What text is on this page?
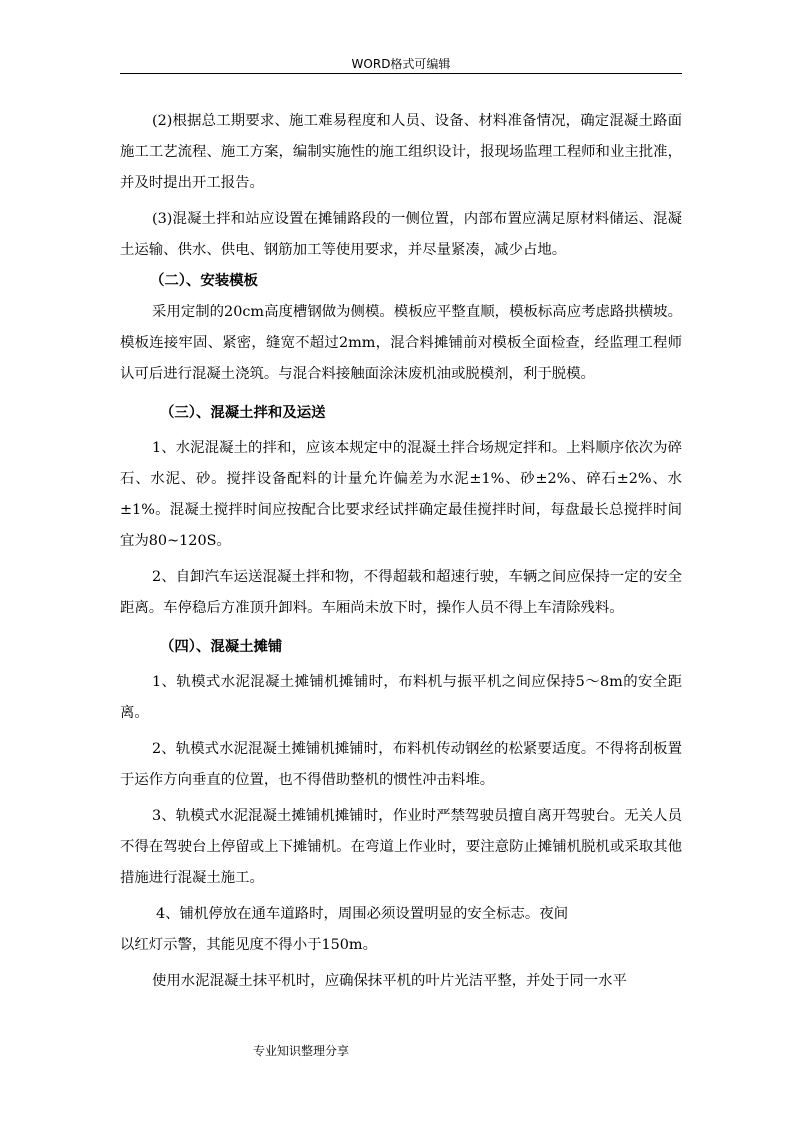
WORD格式可编辑

(2)根据总工期要求、施工难易程度和人员、设备、材料准备情况，确定混凝土路面施工工艺流程、施工方案，编制实施性的施工组织设计，报现场监理工程师和业主批准，并及时提出开工报告。

(3)混凝土拌和站应设置在摊铺路段的一侧位置，内部布置应满足原材料储运、混凝土运输、供水、供电、钢筋加工等使用要求，并尽量紧凑，减少占地。

（二）、安装模板

采用定制的20cm高度槽钢做为侧模。模板应平整直顺，模板标高应考虑路拱横坡。模板连接牢固、紧密，缝宽不超过2mm，混合料摊铺前对模板全面检查，经监理工程师认可后进行混凝土浇筑。与混合料接触面涂沫废机油或脱模剂，利于脱模。

（三）、混凝土拌和及运送

1、水泥混凝土的拌和，应该本规定中的混凝土拌合场规定拌和。上料顺序依次为碎石、水泥、砂。搅拌设备配料的计量允许偏差为水泥±1%、砂±2%、碎石±2%、水±1%。混凝土搅拌时间应按配合比要求经试拌确定最佳搅拌时间，每盘最长总搅拌时间宜为80~120S。

2、自卸汽车运送混凝土拌和物，不得超载和超速行驶，车辆之间应保持一定的安全距离。车停稳后方准顶升卸料。车厢尚未放下时，操作人员不得上车清除残料。

（四）、混凝土摊铺

1、轨模式水泥混凝土摊铺机摊铺时，布料机与振平机之间应保持5～8m的安全距离。

2、轨模式水泥混凝土摊铺机摊铺时，布料机传动钢丝的松紧要适度。不得将刮板置于运作方向垂直的位置，也不得借助整机的惯性冲击料堆。

3、轨模式水泥混凝土摊铺机摊铺时，作业时严禁驾驶员擅自离开驾驶台。无关人员不得在驾驶台上停留或上下摊铺机。在弯道上作业时，要注意防止摊铺机脱机或采取其他措施进行混凝土施工。

4、铺机停放在通车道路时，周围必须设置明显的安全标志。夜间

以红灯示警，其能见度不得小于150m。

使用水泥混凝土抹平机时，应确保抹平机的叶片光洁平整，并处于同一水平

专业知识整理分享
